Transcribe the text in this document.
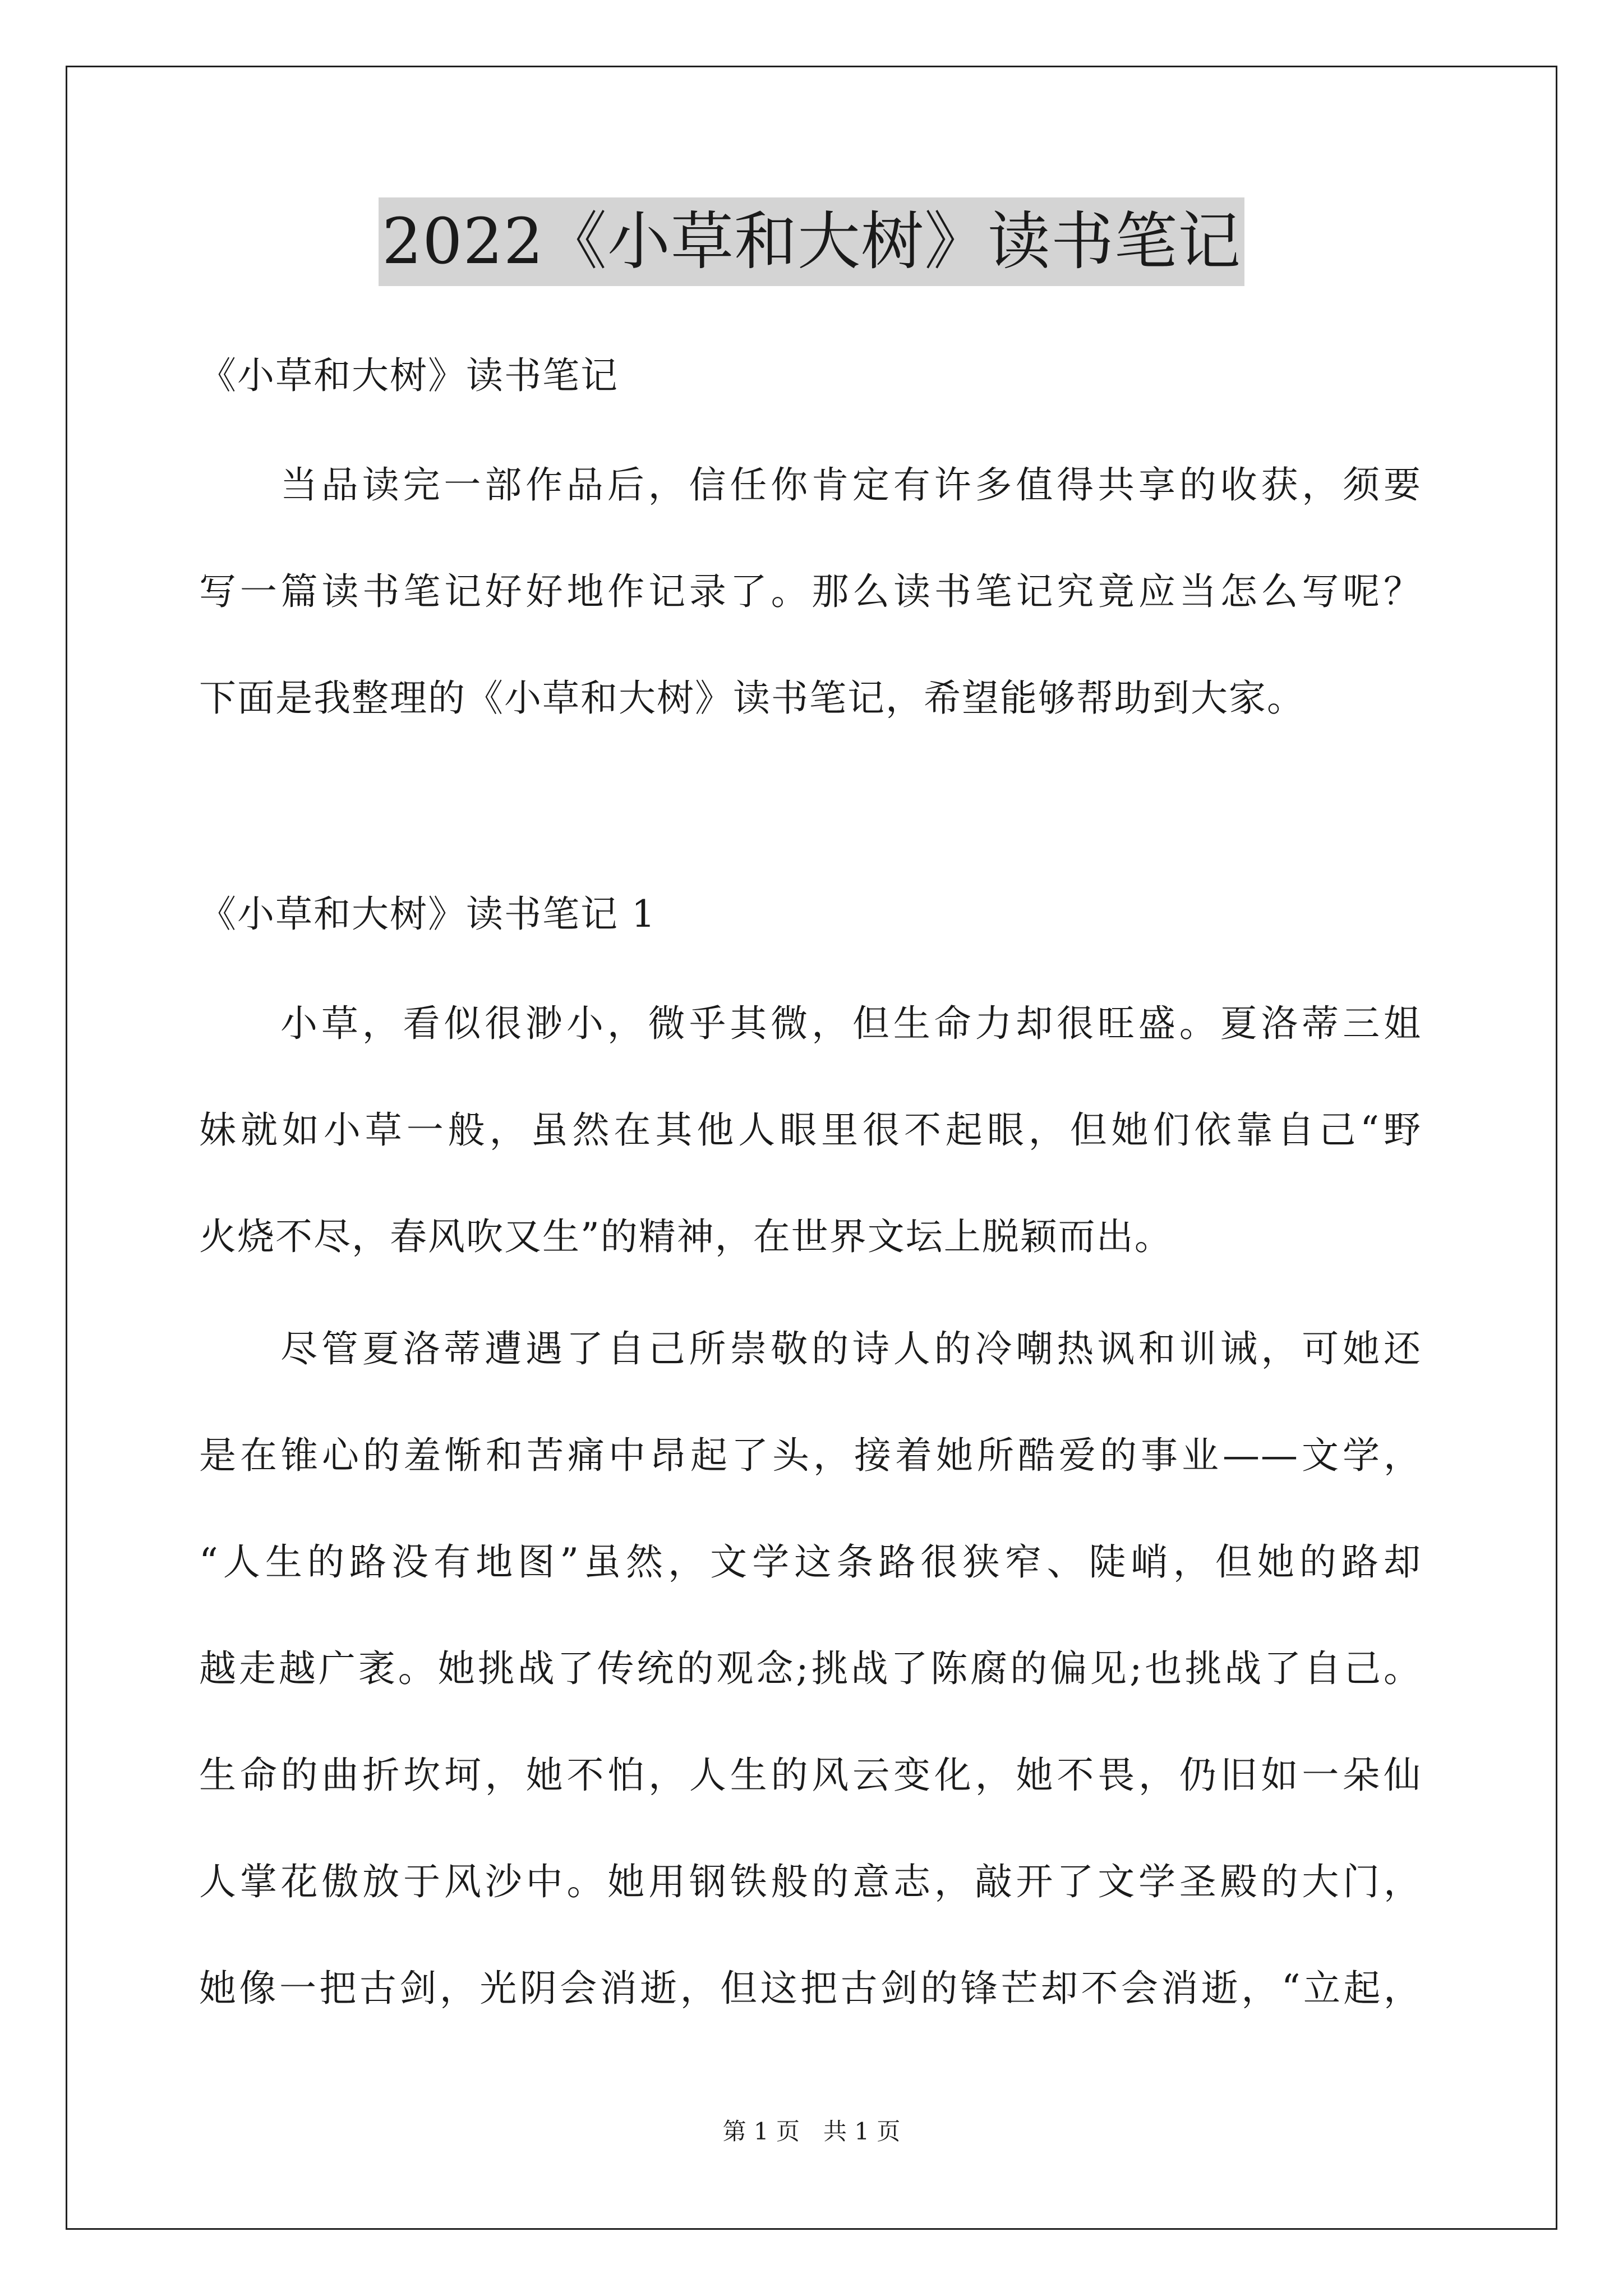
2022《小草和大树》读书笔记
《小草和大树》读书笔记
当品读完一部作品后，信任你肯定有许多值得共享的收获，须要
写一篇读书笔记好好地作记录了。那么读书笔记究竟应当怎么写呢？
下面是我整理的《小草和大树》读书笔记，希望能够帮助到大家。
《小草和大树》读书笔记 1
小草，看似很渺小，微乎其微，但生命力却很旺盛。夏洛蒂三姐
妹就如小草一般，虽然在其他人眼里很不起眼，但她们依靠自己“野
火烧不尽，春风吹又生”的精神，在世界文坛上脱颖而出。
尽管夏洛蒂遭遇了自己所崇敬的诗人的冷嘲热讽和训诫，可她还
是在锥心的羞惭和苦痛中昂起了头，接着她所酷爱的事业——文学，
“人生的路没有地图”虽然，文学这条路很狭窄、陡峭，但她的路却
越走越广袤。她挑战了传统的观念;挑战了陈腐的偏见;也挑战了自己。
生命的曲折坎坷，她不怕，人生的风云变化，她不畏，仍旧如一朵仙
人掌花傲放于风沙中。她用钢铁般的意志，敲开了文学圣殿的大门，
她像一把古剑，光阴会消逝，但这把古剑的锋芒却不会消逝，“立起，
第 1 页　共 1 页
